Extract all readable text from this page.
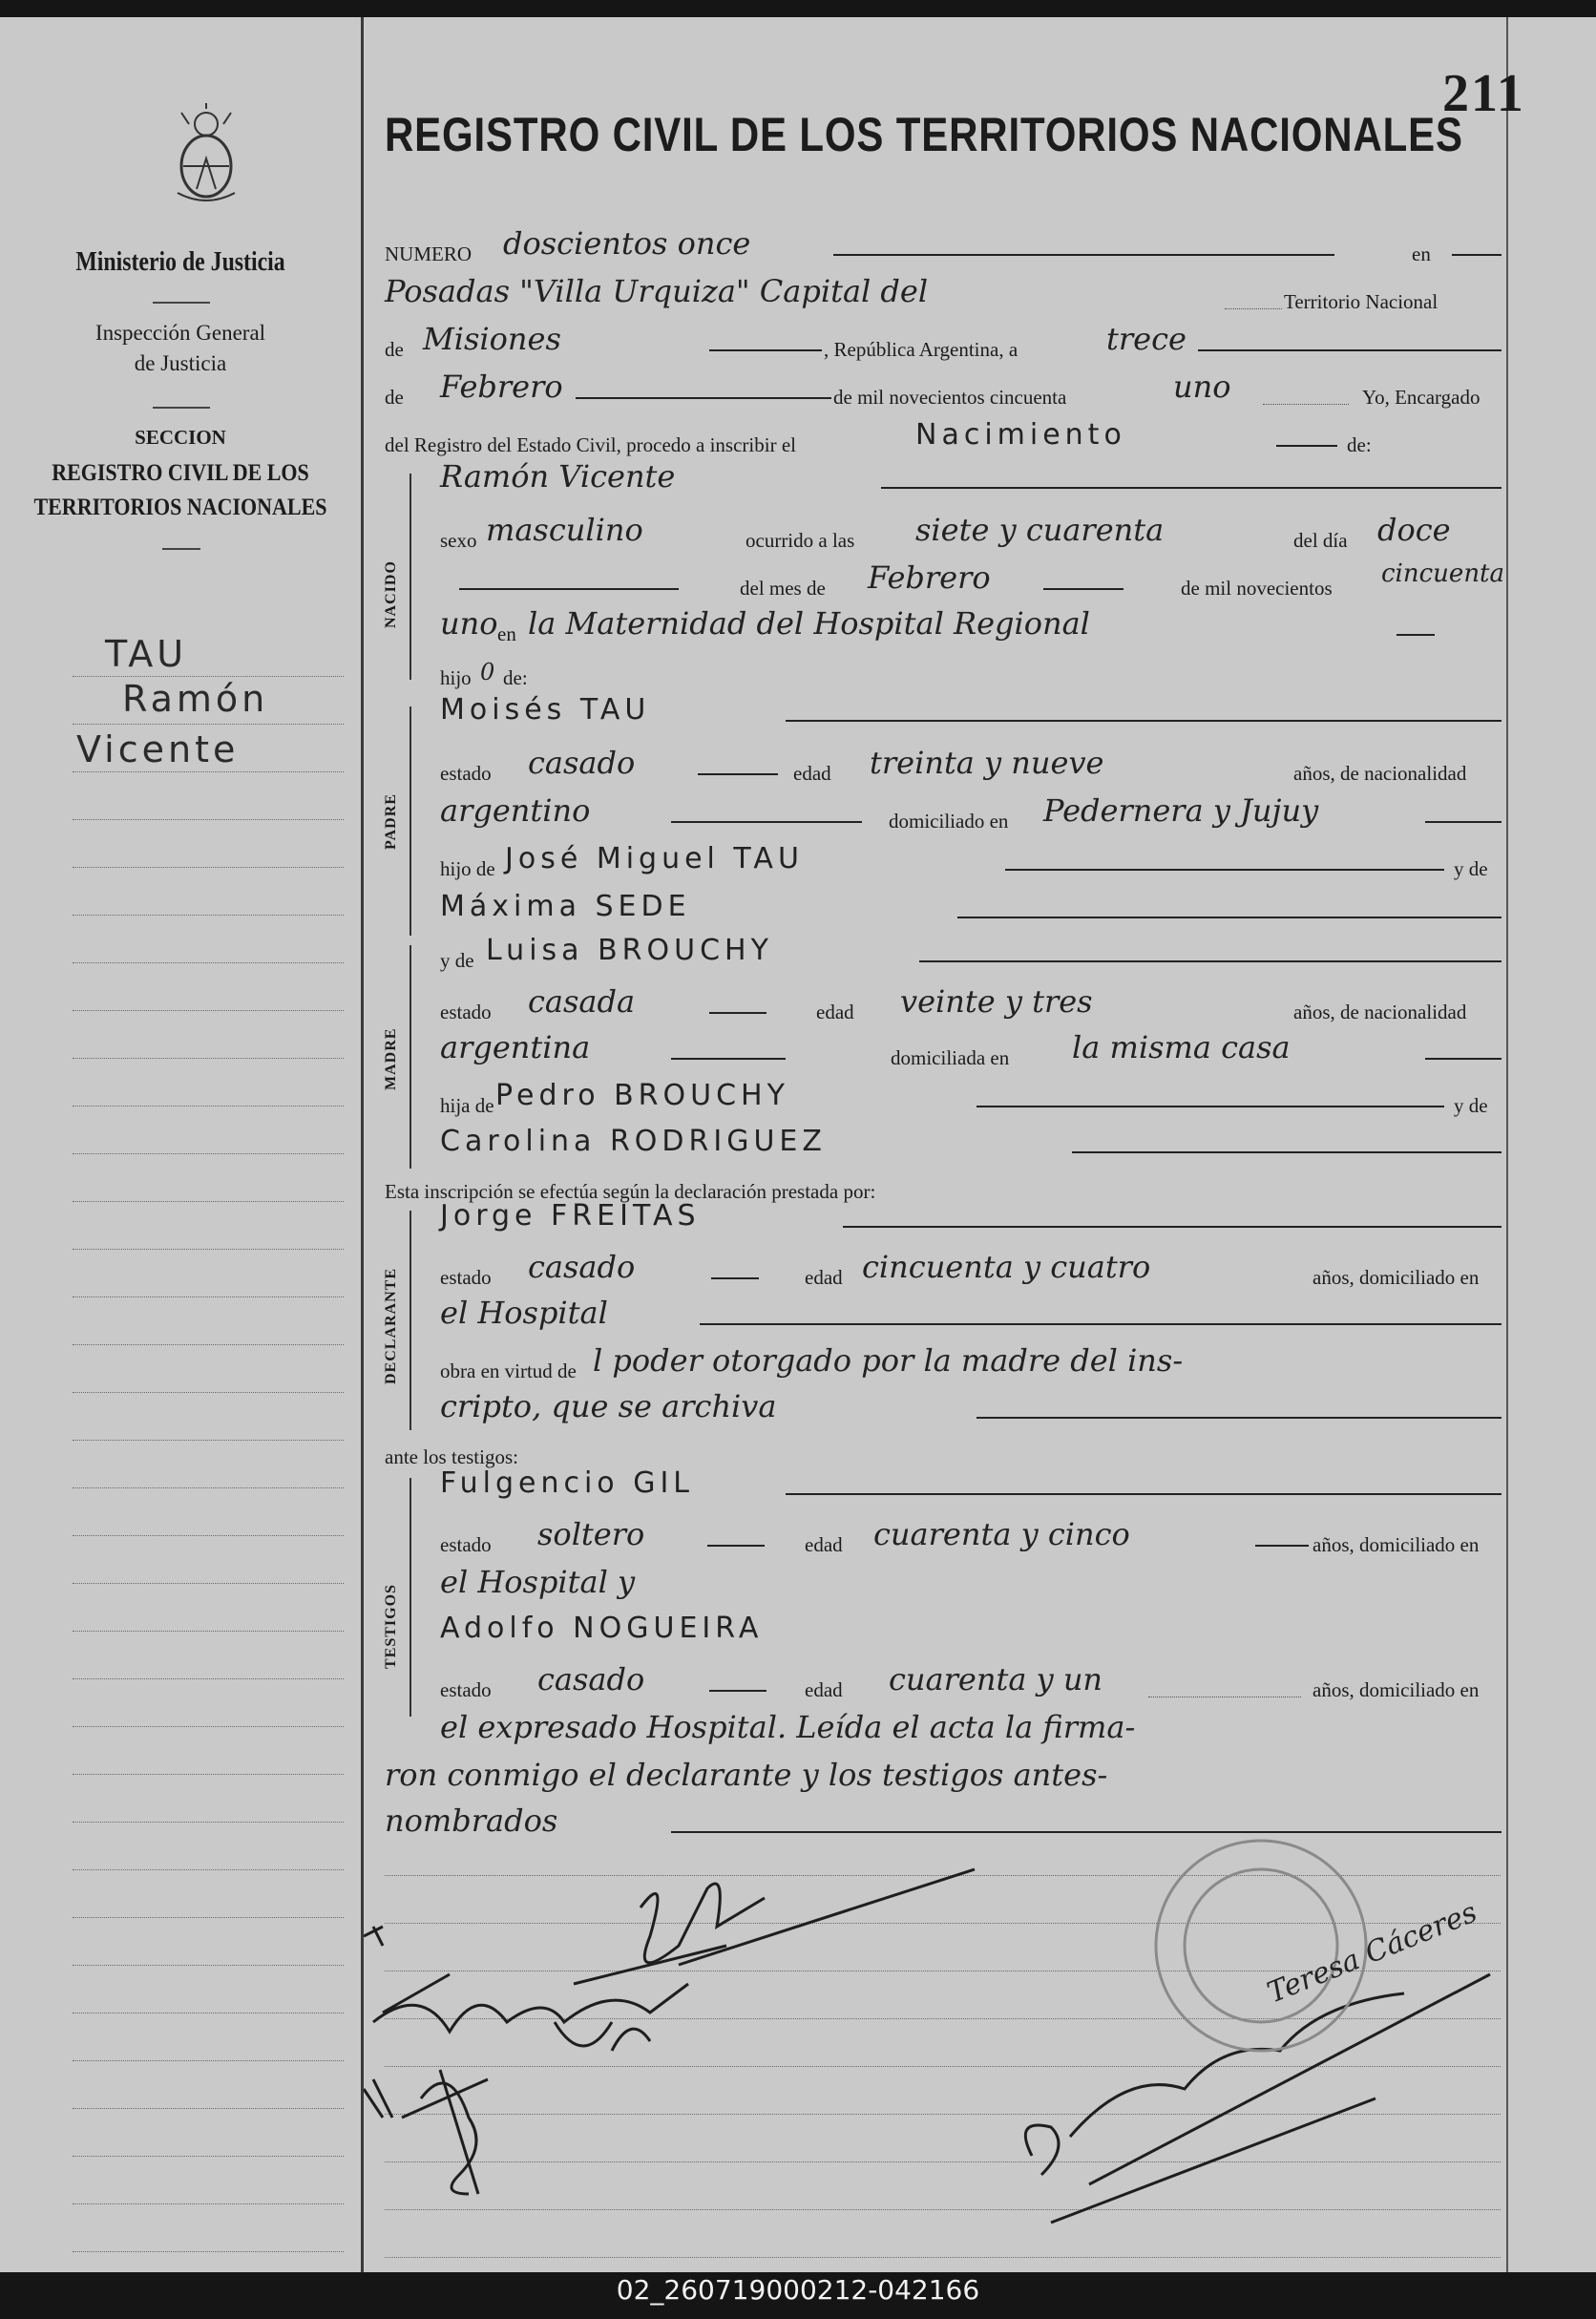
Ministerio de Justicia
Inspección General
de Justicia
SECCION
REGISTRO CIVIL DE LOS
TERRITORIOS NACIONALES
TAU
Ramón
Vicente
211
REGISTRO CIVIL DE LOS TERRITORIOS NACIONALES
NUMERO doscientos once	en
Posadas "Villa Urquiza" Capital del	Territorio Nacional
de Misiones	, República Argentina, a	trece
de Febrero	de mil novecientos cincuenta	uno	Yo, Encargado
del Registro del Estado Civil, procedo a inscribir el	Nacimiento	de:
NACIDO
Ramón Vicente
sexo masculino	ocurrido a las siete y cuarenta	del día doce
del mes de Febrero	de mil novecientos cincuenta
uno en la Maternidad del Hospital Regional
hijo 0 de:
PADRE
Moisés TAU
estado casado	edad treinta y nueve	años, de nacionalidad
argentino	domiciliado en Pedernera y Jujuy
hijo de José Miguel TAU	y de
Máxima SEDE
MADRE
y de Luisa BROUCHY
estado casada	edad veinte y tres	años, de nacionalidad
argentina	domiciliada en la misma casa
hija de Pedro BROUCHY	y de
Carolina RODRIGUEZ
Esta inscripción se efectúa según la declaración prestada por:
DECLARANTE
Jorge FREITAS
estado casado	edad cincuenta y cuatro	años, domiciliado en
el Hospital
obra en virtud de l poder otorgado por la madre del ins-
cripto, que se archiva
ante los testigos:
TESTIGOS
Fulgencio GIL
estado soltero	edad cuarenta y cinco	años, domiciliado en
el Hospital y
Adolfo NOGUEIRA
estado casado	edad cuarenta y un	años, domiciliado en
el expresado Hospital. Leída el acta la firma-
ron conmigo el declarante y los testigos antes-
nombrados
Teresa Cáceres
02_260719000212-042166
